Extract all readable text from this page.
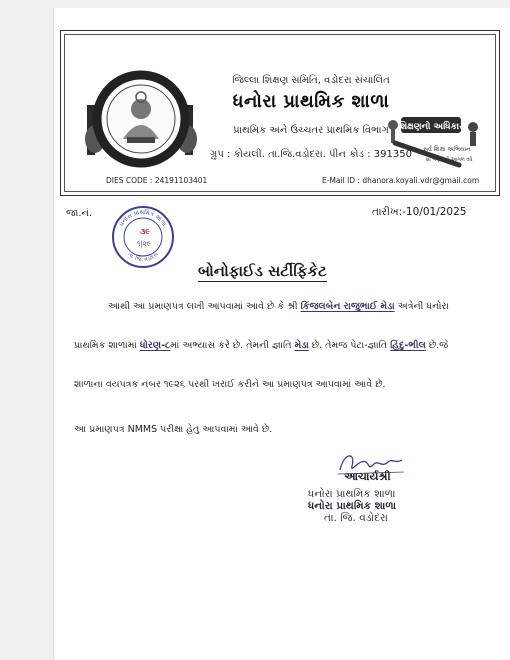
જિલ્લા શિક્ષણ સમિતિ, વડોદરા સંચાલિત
ધનોરા પ્રાથમિક શાળા
પ્રાથમિક અને ઉચ્ચતર પ્રાથમિક વિભાગ
ગ્રુપ : કોયલી. તા.જિ.વડોદરા. પીન કોડ : 391350
શિક્ષણનો અધિકાર
સર્વ શિક્ષા અભિયાન
સૌ ભણે, સૌ આગળ વધે
DIES CODE : 24191103401	E-Mail ID : dhanora.koyali.vdr@gmail.com
જા.નં.	તારીખ:-10/01/2025
ધનોરા પ્રાથમિક શાળા
તા. જિ. વડોદરા
૩૯
૧|૨૯
બોનોફાઈડ સર્ટીફિકેટ
આથી આ પ્રમાણપત્ર લખી આપવામાં આવે છે કે શ્રી કિંજલબેન રાજુભાઈ મેડા અત્રેની ધનોરા
પ્રાથમિક શાળામાં ધોરણ-૮માં અભ્યાસ કરે છે. તેમની જ્ઞાતિ મેડા છે. તેમજ પેટા-જ્ઞાતિ હિંદુ-ભીલ છે.જે
શાળાના વયપત્રક નંબર ૧૯૨૬ પરથી ખરાઈ કરીને આ પ્રમાણપત્ર આપવામાં આવે છે.
આ પ્રમાણપત્ર NMMS પરીક્ષા હેતુ આપવામાં આવે છે.
આચાર્યશ્રી
ધનોરા પ્રાથમિક શાળા
ધનોરા પ્રાથમિક શાળા
તા. જિ. વડોદરા
